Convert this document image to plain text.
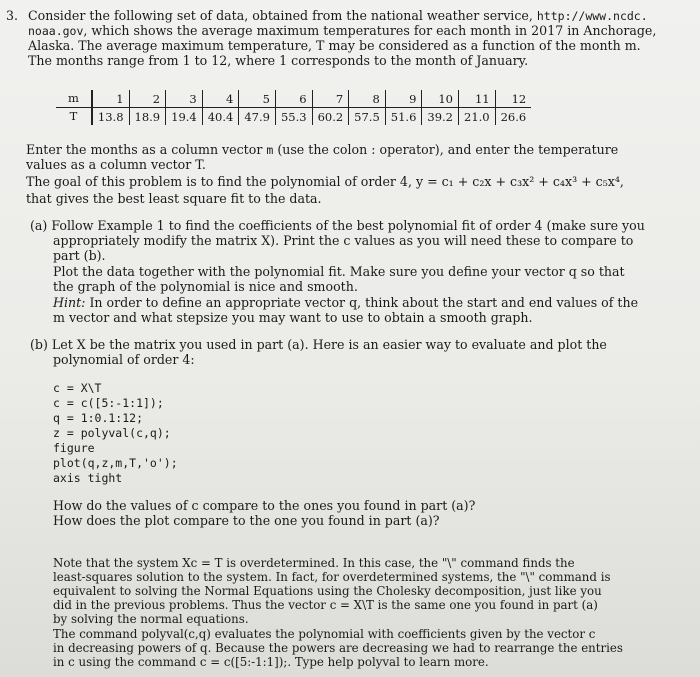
3. Consider the following set of data, obtained from the national weather service, http://www.ncdc.

noaa.gov, which shows the average maximum temperatures for each month in 2017 in Anchorage,

Alaska. The average maximum temperature, T may be considered as a function of the month m.

The months range from 1 to 12, where 1 corresponds to the month of January.

m	1	2	3	4	5	6	7	8	9	10	11	12
T	13.8	18.9	19.4	40.4	47.9	55.3	60.2	57.5	51.6	39.2	21.0	26.6

Enter the months as a column vector m (use the colon : operator), and enter the temperature

values as a column vector T.

The goal of this problem is to find the polynomial of order 4, y = c₁ + c₂x + c₃x² + c₄x³ + c₅x⁴,

that gives the best least square fit to the data.

(a) Follow Example 1 to find the coefficients of the best polynomial fit of order 4 (make sure you

appropriately modify the matrix X). Print the c values as you will need these to compare to

part (b).

Plot the data together with the polynomial fit. Make sure you define your vector q so that

the graph of the polynomial is nice and smooth.

Hint: In order to define an appropriate vector q, think about the start and end values of the

m vector and what stepsize you may want to use to obtain a smooth graph.

(b) Let X be the matrix you used in part (a). Here is an easier way to evaluate and plot the

polynomial of order 4:

c = X\T

c = c([5:-1:1]);

q = 1:0.1:12;

z = polyval(c,q);

figure

plot(q,z,m,T,'o');

axis tight

How do the values of c compare to the ones you found in part (a)?

How does the plot compare to the one you found in part (a)?

Note that the system Xc = T is overdetermined. In this case, the "\" command finds the

least-squares solution to the system. In fact, for overdetermined systems, the "\" command is

equivalent to solving the Normal Equations using the Cholesky decomposition, just like you

did in the previous problems. Thus the vector c = X\T is the same one you found in part (a)

by solving the normal equations.

The command polyval(c,q) evaluates the polynomial with coefficients given by the vector c

in decreasing powers of q. Because the powers are decreasing we had to rearrange the entries

in c using the command c = c([5:-1:1]);. Type help polyval to learn more.
